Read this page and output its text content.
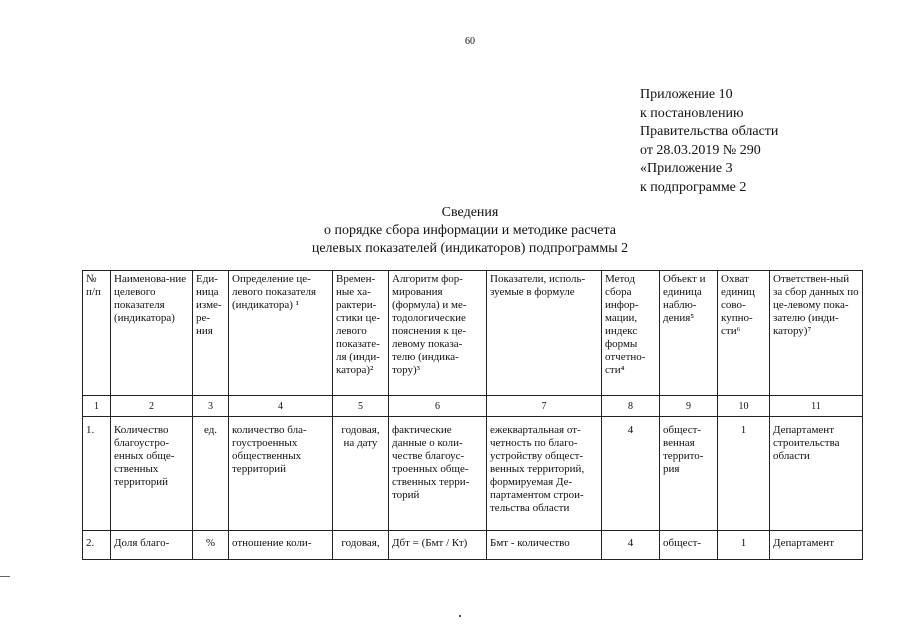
60
Приложение 10
к постановлению
Правительства области
от 28.03.2019 № 290
«Приложение 3
к подпрограмме 2
Сведения
о порядке сбора информации и методике расчета
целевых показателей (индикаторов) подпрограммы 2
№ п/п	Наименова-ние целевого показателя (индикатора)	Еди-ница изме-ре-ния	Определение це-левого показателя (индикатора) ¹	Времен-ные ха-рактери-стики це-левого показате-ля (инди-катора)²	Алгоритм фор-мирования (формула) и ме-тодологические пояснения к це-левому показа-телю (индика-тору)³	Показатели, исполь-зуемые в формуле	Метод сбора инфор-мации, индекс формы отчетно-сти⁴	Объект и единица наблю-дения⁵	Охват единиц сово-купно-сти⁶	Ответствен-ный за сбор данных по це-левому пока-зателю (инди-катору)⁷
1	2	3	4	5	6	7	8	9	10	11
1.	Количество благоустро-енных обще-ственных территорий	ед.	количество бла-гоустроенных общественных территорий	годовая, на дату	фактические данные о коли-честве благоус-троенных обще-ственных терри-торий	ежеквартальная от-четность по благо-устройству общест-венных территорий, формируемая Де-партаментом строи-тельства области	4	общест-венная террито-рия	1	Департамент строительства области
2.	Доля благо-	%	отношение коли-	годовая,	Дбт = (Бмт / Кт)	Бмт - количество	4	общест-	1	Департамент
